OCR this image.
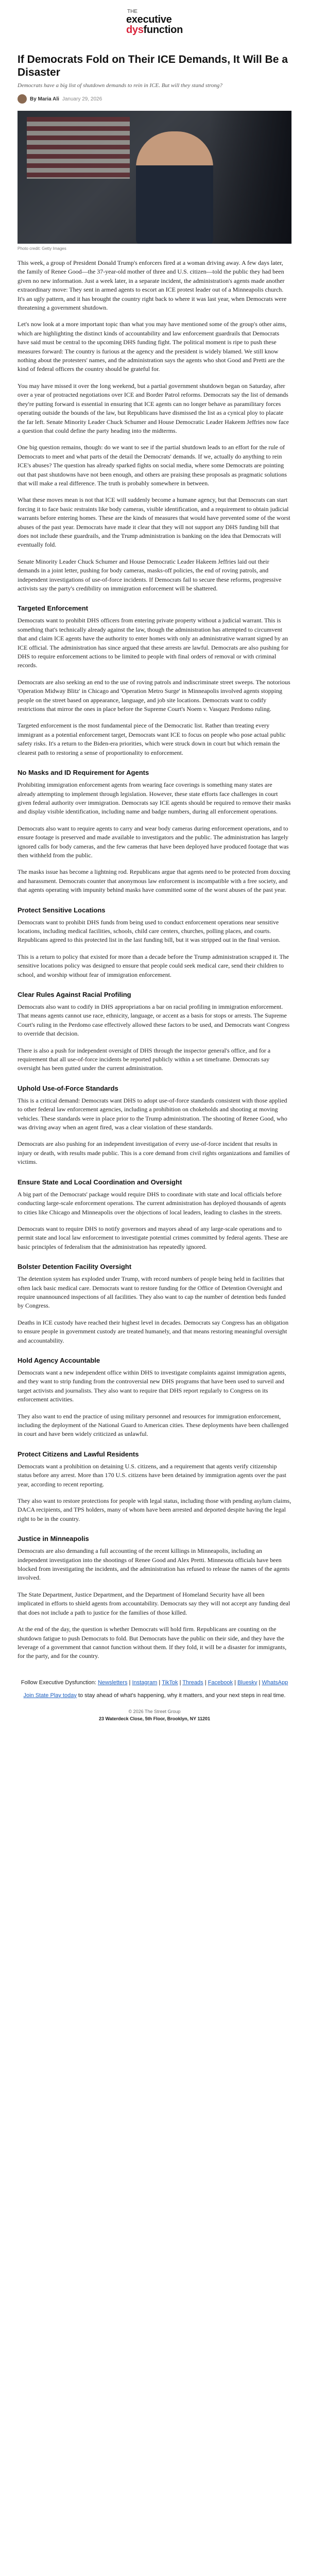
THE
executive
dysfunction
If Democrats Fold on Their ICE Demands, It Will Be a Disaster
Democrats have a big list of shutdown demands to rein in ICE. But will they stand strong?
By Maria Ali January 29, 2026
Photo credit: Getty Images

This week, a group of President Donald Trump's enforcers fired at a woman driving away. A few days later, the family of Renee Good—the 37-year-old mother of three and U.S. citizen—told the public they had been given no new information. Just a week later, in a separate incident, the administration's agents made another extraordinary move: They sent in armed agents to escort an ICE protest leader out of a Minneapolis church. It's an ugly pattern, and it has brought the country right back to where it was last year, when Democrats were threatening a government shutdown.

Let's now look at a more important topic than what you may have mentioned some of the group's other aims, which are highlighting the distinct kinds of accountability and law enforcement guardrails that Democrats have said must be central to the upcoming DHS funding fight. The political moment is ripe to push these measures forward: The country is furious at the agency and the president is widely blamed. We still know nothing about the protesters' names, and the administration says the agents who shot Good and Pretti are the kind of federal officers the country should be grateful for.

You may have missed it over the long weekend, but a partial government shutdown began on Saturday, after over a year of protracted negotiations over ICE and Border Patrol reforms. Democrats say the list of demands they're putting forward is essential in ensuring that ICE agents can no longer behave as paramilitary forces operating outside the bounds of the law, but Republicans have dismissed the list as a cynical ploy to placate the far left. Senate Minority Leader Chuck Schumer and House Democratic Leader Hakeem Jeffries now face a question that could define the party heading into the midterms.

One big question remains, though: do we want to see if the partial shutdown leads to an effort for the rule of Democrats to meet and what parts of the detail the Democrats' demands. If we, actually do anything to rein ICE's abuses? The question has already sparked fights on social media, where some Democrats are pointing out that past shutdowns have not been enough, and others are praising these proposals as pragmatic solutions that will make a real difference. The truth is probably somewhere in between.

What these moves mean is not that ICE will suddenly become a humane agency, but that Democrats can start forcing it to face basic restraints like body cameras, visible identification, and a requirement to obtain judicial warrants before entering homes. These are the kinds of measures that would have prevented some of the worst abuses of the past year. Democrats have made it clear that they will not support any DHS funding bill that does not include these guardrails, and the Trump administration is banking on the idea that Democrats will eventually fold.

Senate Minority Leader Chuck Schumer and House Democratic Leader Hakeem Jeffries laid out their demands in a joint letter, pushing for body cameras, masks-off policies, the end of roving patrols, and independent investigations of use-of-force incidents. If Democrats fail to secure these reforms, progressive activists say the party's credibility on immigration enforcement will be shattered.

Targeted Enforcement

Democrats want to prohibit DHS officers from entering private property without a judicial warrant. This is something that's technically already against the law, though the administration has attempted to circumvent that and claim ICE agents have the authority to enter homes with only an administrative warrant signed by an ICE official. The administration has since argued that these arrests are lawful. Democrats are also pushing for DHS to require enforcement actions to be limited to people with final orders of removal or with criminal records.

Democrats are also seeking an end to the use of roving patrols and indiscriminate street sweeps. The notorious 'Operation Midway Blitz' in Chicago and 'Operation Metro Surge' in Minneapolis involved agents stopping people on the street based on appearance, language, and job site locations. Democrats want to codify restrictions that mirror the ones in place before the Supreme Court's Noem v. Vasquez Perdomo ruling.

Targeted enforcement is the most fundamental piece of the Democratic list. Rather than treating every immigrant as a potential enforcement target, Democrats want ICE to focus on people who pose actual public safety risks. It's a return to the Biden-era priorities, which were struck down in court but which remain the clearest path to restoring a sense of proportionality to enforcement.

No Masks and ID Requirement for Agents

Prohibiting immigration enforcement agents from wearing face coverings is something many states are already attempting to implement through legislation. However, these state efforts face challenges in court given federal authority over immigration. Democrats say ICE agents should be required to remove their masks and display visible identification, including name and badge numbers, during all enforcement operations.

Democrats also want to require agents to carry and wear body cameras during enforcement operations, and to ensure footage is preserved and made available to investigators and the public. The administration has largely ignored calls for body cameras, and the few cameras that have been deployed have produced footage that was then withheld from the public.

The masks issue has become a lightning rod. Republicans argue that agents need to be protected from doxxing and harassment. Democrats counter that anonymous law enforcement is incompatible with a free society, and that agents operating with impunity behind masks have committed some of the worst abuses of the past year.

Protect Sensitive Locations

Democrats want to prohibit DHS funds from being used to conduct enforcement operations near sensitive locations, including medical facilities, schools, child care centers, churches, polling places, and courts. Republicans agreed to this protected list in the last funding bill, but it was stripped out in the final version.

This is a return to policy that existed for more than a decade before the Trump administration scrapped it. The sensitive locations policy was designed to ensure that people could seek medical care, send their children to school, and worship without fear of immigration enforcement.

Clear Rules Against Racial Profiling

Democrats also want to codify in DHS appropriations a bar on racial profiling in immigration enforcement. That means agents cannot use race, ethnicity, language, or accent as a basis for stops or arrests. The Supreme Court's ruling in the Perdomo case effectively allowed these factors to be used, and Democrats want Congress to override that decision.

There is also a push for independent oversight of DHS through the inspector general's office, and for a requirement that all use-of-force incidents be reported publicly within a set timeframe. Democrats say oversight has been gutted under the current administration.

Uphold Use-of-Force Standards

This is a critical demand: Democrats want DHS to adopt use-of-force standards consistent with those applied to other federal law enforcement agencies, including a prohibition on chokeholds and shooting at moving vehicles. These standards were in place prior to the Trump administration. The shooting of Renee Good, who was driving away when an agent fired, was a clear violation of these standards.

Democrats are also pushing for an independent investigation of every use-of-force incident that results in injury or death, with results made public. This is a core demand from civil rights organizations and families of victims.

Ensure State and Local Coordination and Oversight

A big part of the Democrats' package would require DHS to coordinate with state and local officials before conducting large-scale enforcement operations. The current administration has deployed thousands of agents to cities like Chicago and Minneapolis over the objections of local leaders, leading to clashes in the streets.

Democrats want to require DHS to notify governors and mayors ahead of any large-scale operations and to permit state and local law enforcement to investigate potential crimes committed by federal agents. These are basic principles of federalism that the administration has repeatedly ignored.

Bolster Detention Facility Oversight

The detention system has exploded under Trump, with record numbers of people being held in facilities that often lack basic medical care. Democrats want to restore funding for the Office of Detention Oversight and require unannounced inspections of all facilities. They also want to cap the number of detention beds funded by Congress.

Deaths in ICE custody have reached their highest level in decades. Democrats say Congress has an obligation to ensure people in government custody are treated humanely, and that means restoring meaningful oversight and accountability.

Hold Agency Accountable

Democrats want a new independent office within DHS to investigate complaints against immigration agents, and they want to strip funding from the controversial new DHS programs that have been used to surveil and target activists and journalists. They also want to require that DHS report regularly to Congress on its enforcement activities.

They also want to end the practice of using military personnel and resources for immigration enforcement, including the deployment of the National Guard to American cities. These deployments have been challenged in court and have been widely criticized as unlawful.

Protect Citizens and Lawful Residents

Democrats want a prohibition on detaining U.S. citizens, and a requirement that agents verify citizenship status before any arrest. More than 170 U.S. citizens have been detained by immigration agents over the past year, according to recent reporting.

They also want to restore protections for people with legal status, including those with pending asylum claims, DACA recipients, and TPS holders, many of whom have been arrested and deported despite having the legal right to be in the country.

Justice in Minneapolis

Democrats are also demanding a full accounting of the recent killings in Minneapolis, including an independent investigation into the shootings of Renee Good and Alex Pretti. Minnesota officials have been blocked from investigating the incidents, and the administration has refused to release the names of the agents involved.

The State Department, Justice Department, and the Department of Homeland Security have all been implicated in efforts to shield agents from accountability. Democrats say they will not accept any funding deal that does not include a path to justice for the families of those killed.

At the end of the day, the question is whether Democrats will hold firm. Republicans are counting on the shutdown fatigue to push Democrats to fold. But Democrats have the public on their side, and they have the leverage of a government that cannot function without them. If they fold, it will be a disaster for immigrants, for the party, and for the country.

Follow Executive Dysfunction: Newsletters | Instagram | TikTok | Threads | Facebook | Bluesky | WhatsApp
Join State Play today to stay ahead of what's happening, why it matters, and your next steps in real time.
© 2026 The Street Group
23 Waterdeck Close, 5th Floor, Brooklyn, NY 11201
